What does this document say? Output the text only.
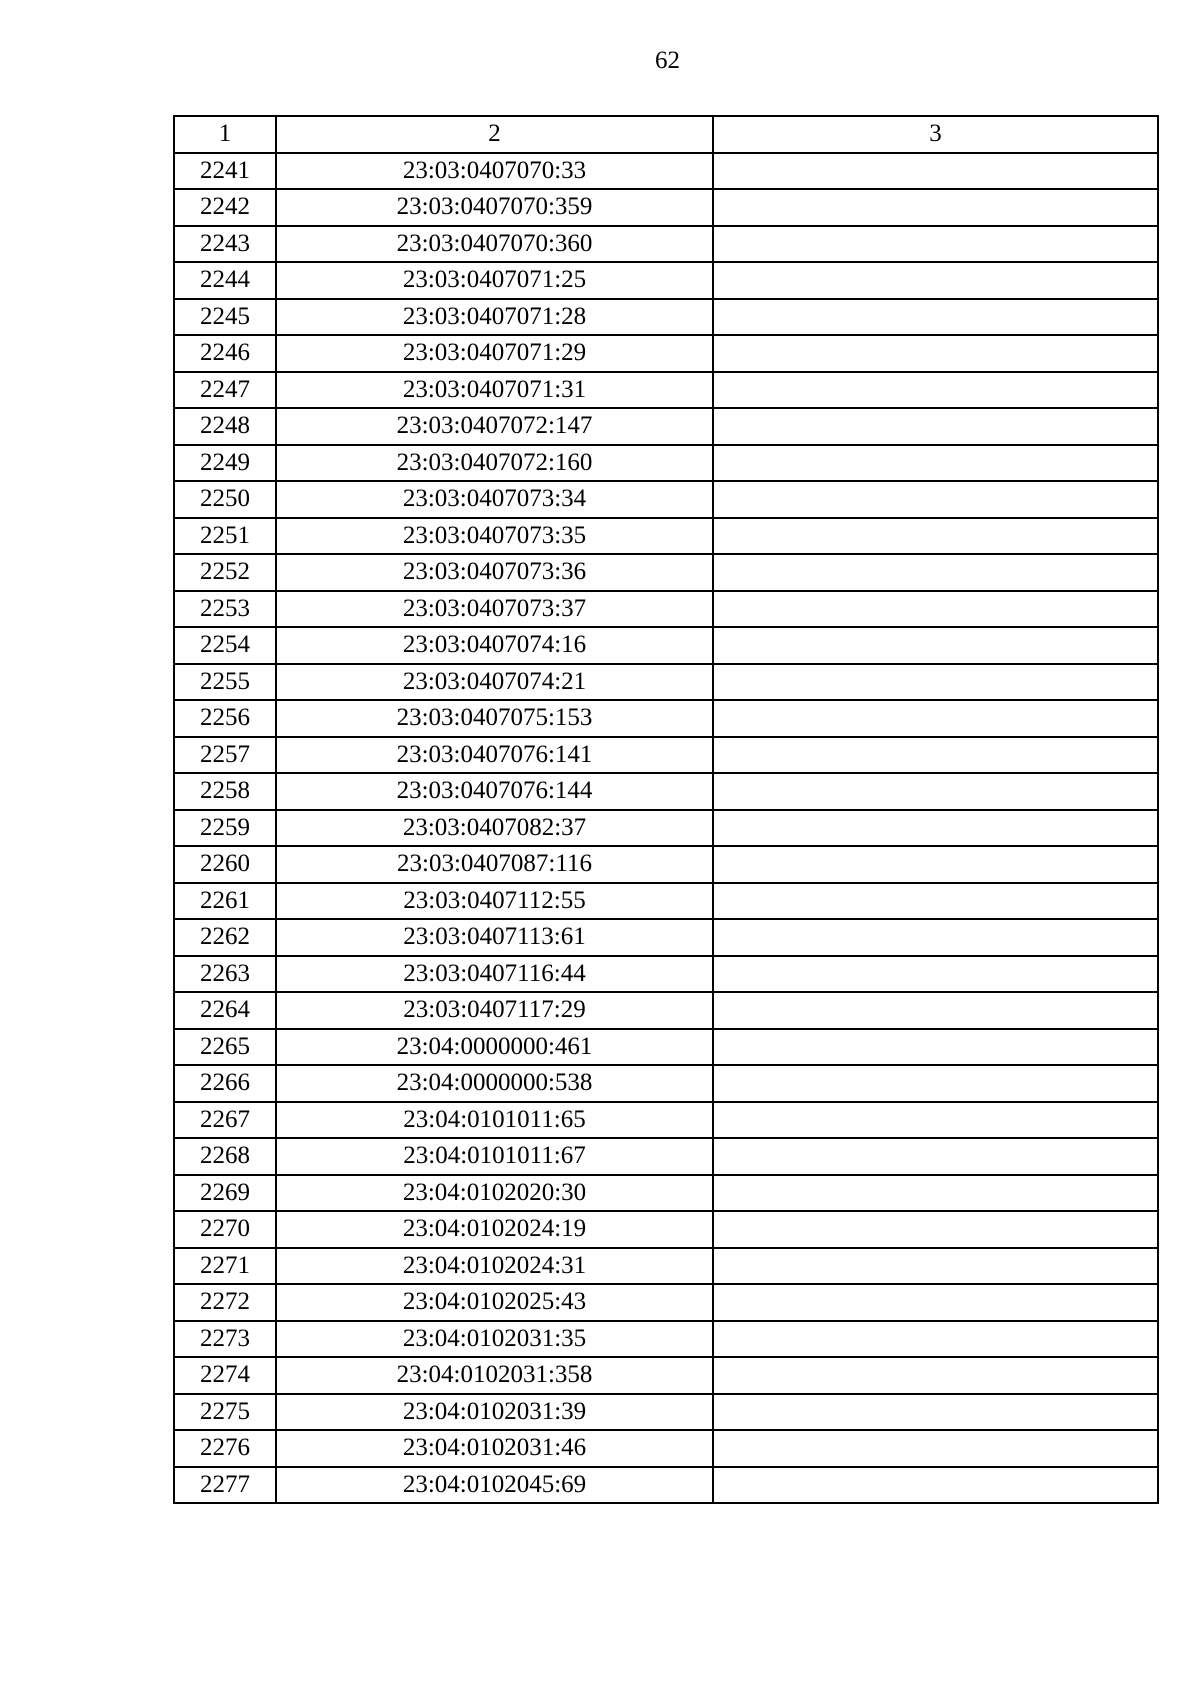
62
1	2	3
2241	23:03:0407070:33	
2242	23:03:0407070:359	
2243	23:03:0407070:360	
2244	23:03:0407071:25	
2245	23:03:0407071:28	
2246	23:03:0407071:29	
2247	23:03:0407071:31	
2248	23:03:0407072:147	
2249	23:03:0407072:160	
2250	23:03:0407073:34	
2251	23:03:0407073:35	
2252	23:03:0407073:36	
2253	23:03:0407073:37	
2254	23:03:0407074:16	
2255	23:03:0407074:21	
2256	23:03:0407075:153	
2257	23:03:0407076:141	
2258	23:03:0407076:144	
2259	23:03:0407082:37	
2260	23:03:0407087:116	
2261	23:03:0407112:55	
2262	23:03:0407113:61	
2263	23:03:0407116:44	
2264	23:03:0407117:29	
2265	23:04:0000000:461	
2266	23:04:0000000:538	
2267	23:04:0101011:65	
2268	23:04:0101011:67	
2269	23:04:0102020:30	
2270	23:04:0102024:19	
2271	23:04:0102024:31	
2272	23:04:0102025:43	
2273	23:04:0102031:35	
2274	23:04:0102031:358	
2275	23:04:0102031:39	
2276	23:04:0102031:46	
2277	23:04:0102045:69	
